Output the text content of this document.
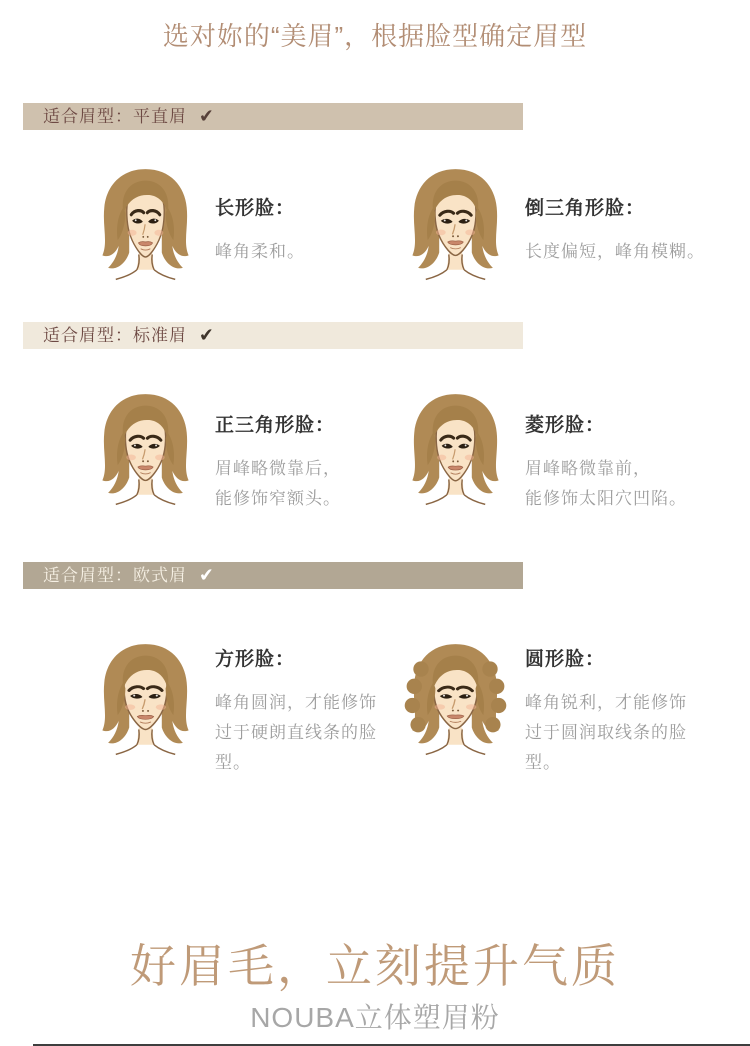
选对妳的“美眉”，根据脸型确定眉型
适合眉型：平直眉 ✔
长形脸：
峰角柔和。
倒三角形脸：
长度偏短，峰角模糊。
适合眉型：标准眉 ✔
正三角形脸：
眉峰略微靠后，
能修饰窄额头。
菱形脸：
眉峰略微靠前，
能修饰太阳穴凹陷。
适合眉型：欧式眉 ✔
方形脸：
峰角圆润，才能修饰
过于硬朗直线条的脸
型。
圆形脸：
峰角锐利，才能修饰
过于圆润取线条的脸
型。
好眉毛，立刻提升气质
NOUBA立体塑眉粉
